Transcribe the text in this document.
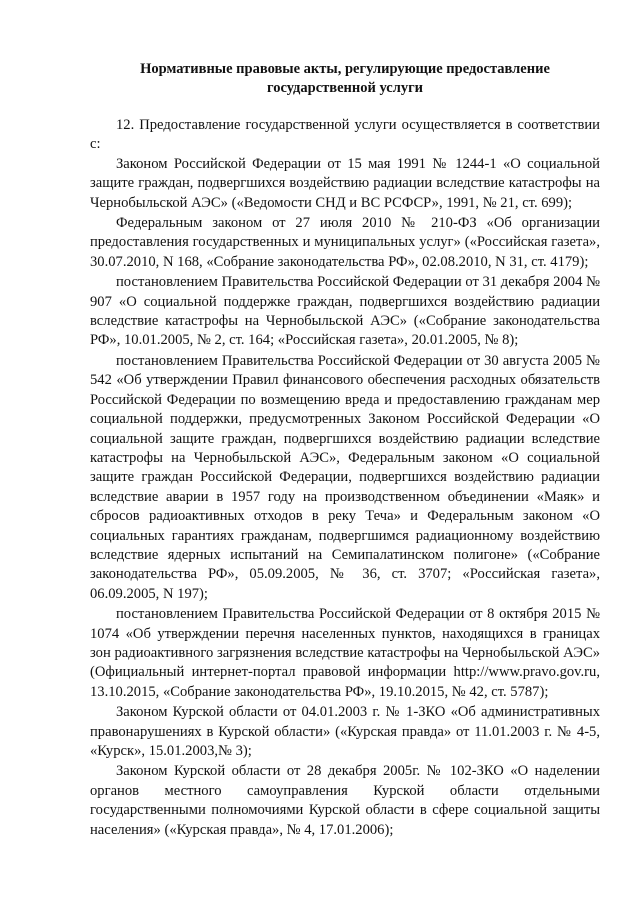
Нормативные правовые акты, регулирующие предоставление
государственной услуги

12. Предоставление государственной услуги осуществляется в соответствии с:

Законом Российской Федерации от 15 мая 1991 № 1244-1 «О социальной защите граждан, подвергшихся воздействию радиации вследствие катастрофы на Чернобыльской АЭС» («Ведомости СНД и ВС РСФСР», 1991, № 21, ст. 699);

Федеральным законом от 27 июля 2010 № 210-ФЗ «Об организации предоставления государственных и муниципальных услуг» («Российская газета», 30.07.2010, N 168, «Собрание законодательства РФ», 02.08.2010, N 31, ст. 4179);

постановлением Правительства Российской Федерации от 31 декабря 2004 № 907 «О социальной поддержке граждан, подвергшихся воздействию радиации вследствие катастрофы на Чернобыльской АЭС» («Собрание законодательства РФ», 10.01.2005, № 2, ст. 164; «Российская газета», 20.01.2005, № 8);

постановлением Правительства Российской Федерации от 30 августа 2005 № 542 «Об утверждении Правил финансового обеспечения расходных обязательств Российской Федерации по возмещению вреда и предоставлению гражданам мер социальной поддержки, предусмотренных Законом Российской Федерации «О социальной защите граждан, подвергшихся воздействию радиации вследствие катастрофы на Чернобыльской АЭС», Федеральным законом «О социальной защите граждан Российской Федерации, подвергшихся воздействию радиации вследствие аварии в 1957 году на производственном объединении «Маяк» и сбросов радиоактивных отходов в реку Теча» и Федеральным законом «О социальных гарантиях гражданам, подвергшимся радиационному воздействию вследствие ядерных испытаний на Семипалатинском полигоне» («Собрание законодательства РФ», 05.09.2005, № 36, ст. 3707; «Российская газета», 06.09.2005, N 197);

постановлением Правительства Российской Федерации от 8 октября 2015 № 1074 «Об утверждении перечня населенных пунктов, находящихся в границах зон радиоактивного загрязнения вследствие катастрофы на Чернобыльской АЭС» (Официальный интернет-портал правовой информации http://www.pravo.gov.ru, 13.10.2015, «Собрание законодательства РФ», 19.10.2015, № 42, ст. 5787);

Законом Курской области от 04.01.2003 г. № 1-ЗКО «Об административных правонарушениях в Курской области» («Курская правда» от 11.01.2003 г. № 4-5, «Курск», 15.01.2003,№ 3);

Законом Курской области от 28 декабря 2005г. № 102-ЗКО «О наделении органов местного самоуправления Курской области отдельными государственными полномочиями Курской области в сфере социальной защиты населения» («Курская правда», № 4, 17.01.2006);
